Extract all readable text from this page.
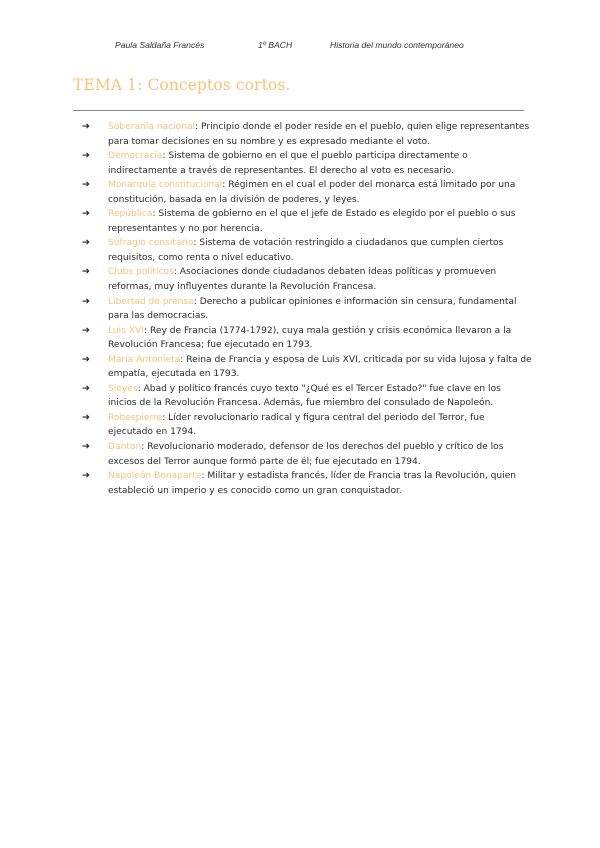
Paula Saldaña Francés	1º BACH	Historia del mundo contemporáneo
TEMA 1: Conceptos cortos.
➔ Soberanía nacional: Principio donde el poder reside en el pueblo, quien elige representantes para tomar decisiones en su nombre y es expresado mediante el voto.
➔ Democracia: Sistema de gobierno en el que el pueblo participa directamente o indirectamente a través de representantes. El derecho al voto es necesario.
➔ Monarquía constitucional: Régimen en el cual el poder del monarca está limitado por una constitución, basada en la división de poderes, y leyes.
➔ República: Sistema de gobierno en el que el jefe de Estado es elegido por el pueblo o sus representantes y no por herencia.
➔ Sufragio censitario: Sistema de votación restringido a ciudadanos que cumplen ciertos requisitos, como renta o nivel educativo.
➔ Clubs políticos: Asociaciones donde ciudadanos debaten ideas políticas y promueven reformas, muy influyentes durante la Revolución Francesa.
➔ Libertad de prensa: Derecho a publicar opiniones e información sin censura, fundamental para las democracias.
➔ Luis XVI: Rey de Francia (1774-1792), cuya mala gestión y crisis económica llevaron a la Revolución Francesa; fue ejecutado en 1793.
➔ María Antonieta: Reina de Francia y esposa de Luis XVI, criticada por su vida lujosa y falta de empatía, ejecutada en 1793.
➔ Sieyès: Abad y político francés cuyo texto "¿Qué es el Tercer Estado?" fue clave en los inicios de la Revolución Francesa. Además, fue miembro del consulado de Napoleón.
➔ Robespierre: Líder revolucionario radical y figura central del periodo del Terror, fue ejecutado en 1794.
➔ Danton: Revolucionario moderado, defensor de los derechos del pueblo y crítico de los excesos del Terror aunque formó parte de él; fue ejecutado en 1794.
➔ Napoleón Bonaparte: Militar y estadista francés, líder de Francia tras la Revolución, quien estableció un imperio y es conocido como un gran conquistador.
